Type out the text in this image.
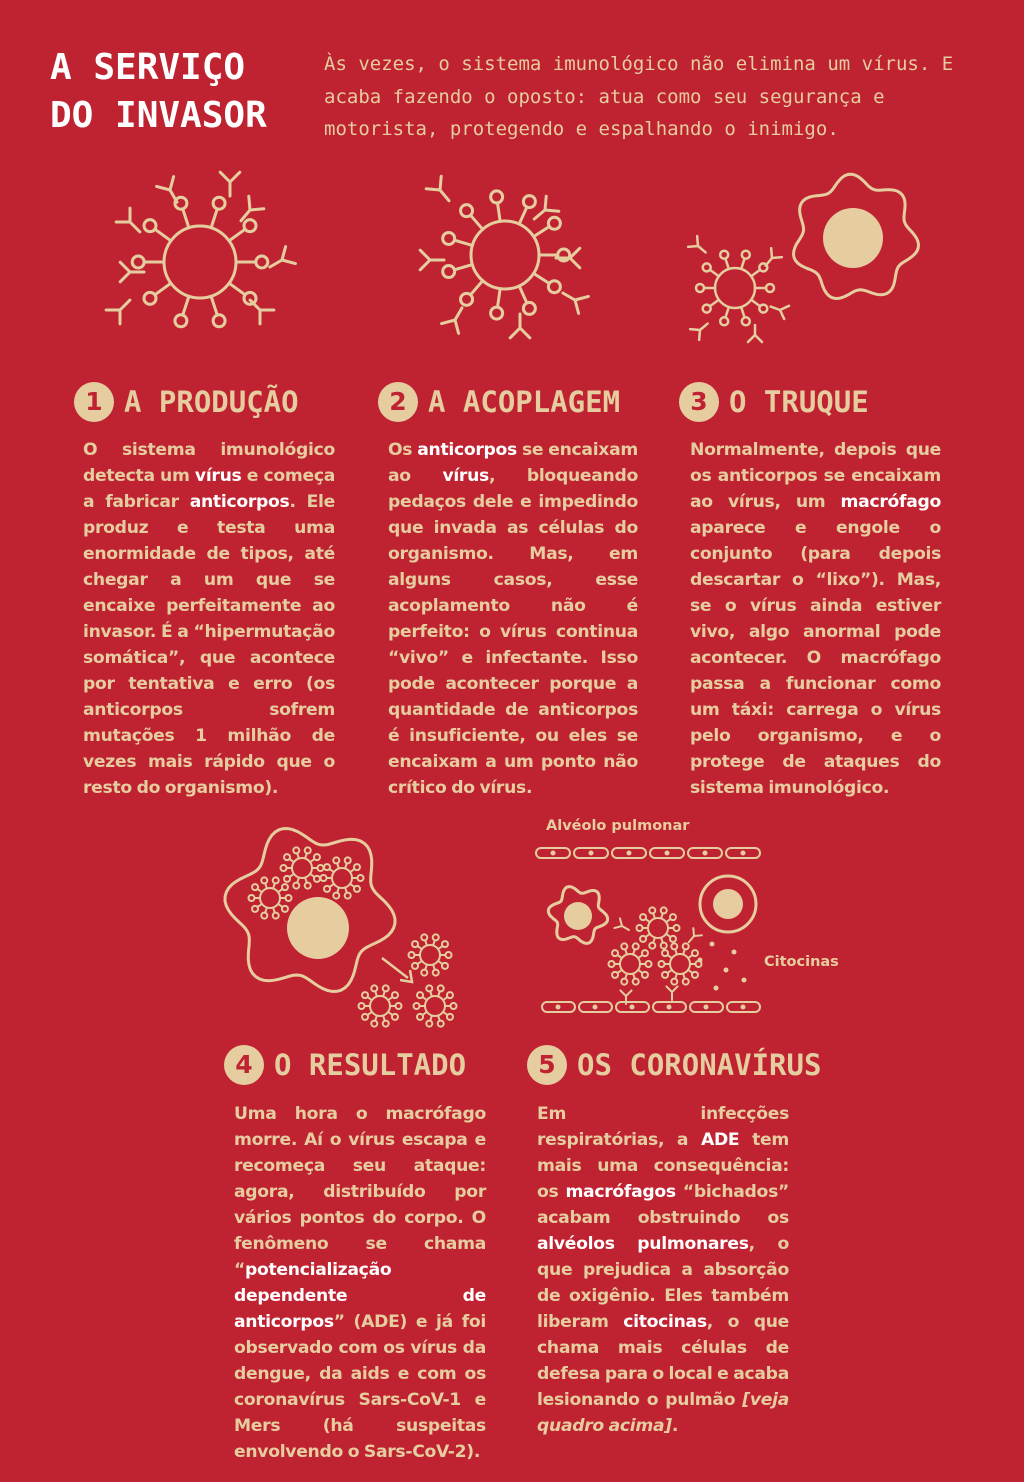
A SERVIÇO
DO INVASOR

Às vezes, o sistema imunológico não elimina um vírus. E acaba fazendo o oposto: atua como seu segurança e motorista, protegendo e espalhando o inimigo.

Alvéolo pulmonar
Citocinas
1 A PRODUÇÃO

O sistema imunológico detecta um vírus e começa a fabricar anticorpos. Ele produz e testa uma enormidade de tipos, até chegar a um que se encaixe perfeitamente ao invasor. É a “hipermutação somática”, que acontece por tentativa e erro (os anticorpos sofrem mutações 1 milhão de vezes mais rápido que o resto do organismo).

2 A ACOPLAGEM

Os anticorpos se encaixam ao vírus, bloqueando pedaços dele e impedindo que invada as células do organismo. Mas, em alguns casos, esse acoplamento não é perfeito: o vírus continua “vivo” e infectante. Isso pode acontecer porque a quantidade de anticorpos é insuficiente, ou eles se encaixam a um ponto não crítico do vírus.

3 O TRUQUE

Normalmente, depois que os anticorpos se encaixam ao vírus, um macrófago aparece e engole o conjunto (para depois descartar o “lixo”). Mas, se o vírus ainda estiver vivo, algo anormal pode acontecer. O macrófago passa a funcionar como um táxi: carrega o vírus pelo organismo, e o protege de ataques do sistema imunológico.

4 O RESULTADO

Uma hora o macrófago morre. Aí o vírus escapa e recomeça seu ataque: agora, distribuído por vários pontos do corpo. O fenômeno se chama “potencialização dependente de anticorpos” (ADE) e já foi observado com os vírus da dengue, da aids e com os coronavírus Sars-CoV-1 e Mers (há suspeitas envolvendo o Sars-CoV-2).

5 OS CORONAVÍRUS

Em infecções respiratórias, a ADE tem mais uma consequência: os macrófagos “bichados” acabam obstruindo os alvéolos pulmonares, o que prejudica a absorção de oxigênio. Eles também liberam citocinas, o que chama mais células de defesa para o local e acaba lesionando o pulmão [veja quadro acima].
